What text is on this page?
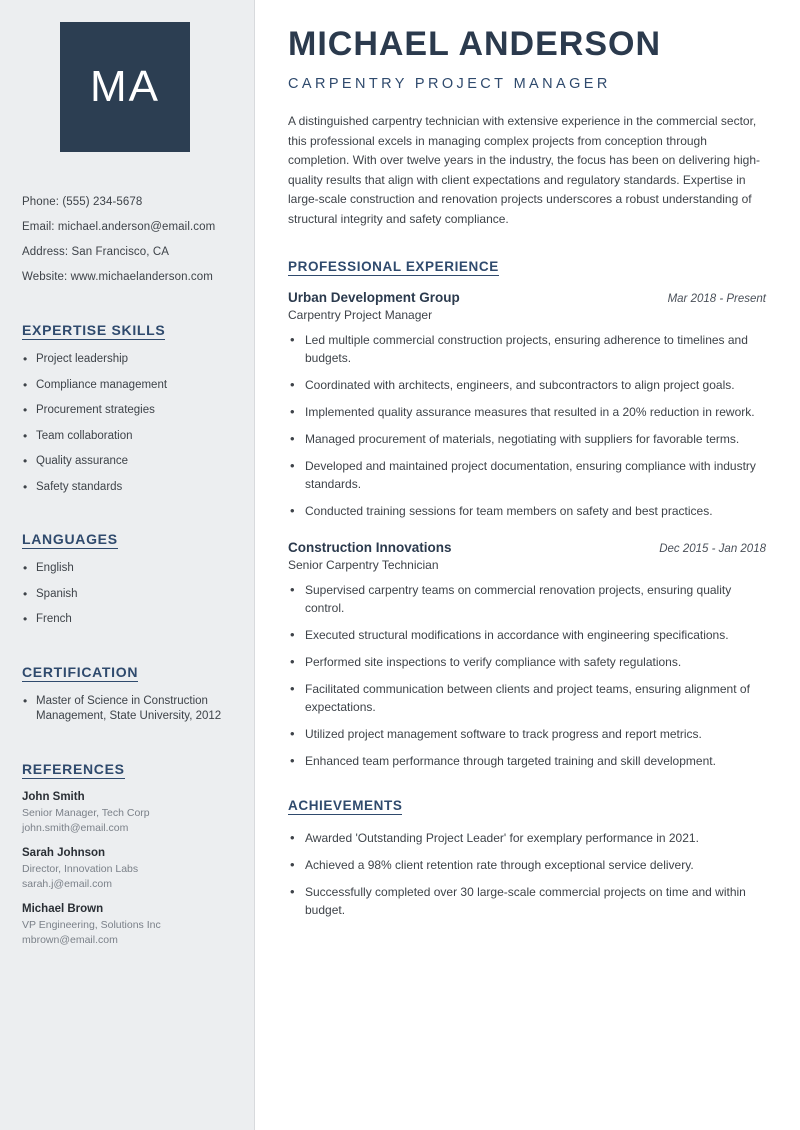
MA
Phone: (555) 234-5678
Email: michael.anderson@email.com
Address: San Francisco, CA
Website: www.michaelanderson.com
EXPERTISE SKILLS
• Project leadership
• Compliance management
• Procurement strategies
• Team collaboration
• Quality assurance
• Safety standards
LANGUAGES
• English
• Spanish
• French
CERTIFICATION
• Master of Science in Construction Management, State University, 2012
REFERENCES
John Smith
Senior Manager, Tech Corp
john.smith@email.com
Sarah Johnson
Director, Innovation Labs
sarah.j@email.com
Michael Brown
VP Engineering, Solutions Inc
mbrown@email.com
MICHAEL ANDERSON
CARPENTRY PROJECT MANAGER

A distinguished carpentry technician with extensive experience in the commercial sector, this professional excels in managing complex projects from conception through completion. With over twelve years in the industry, the focus has been on delivering high-quality results that align with client expectations and regulatory standards. Expertise in large-scale construction and renovation projects underscores a robust understanding of structural integrity and safety compliance.

PROFESSIONAL EXPERIENCE
Urban Development Group	Mar 2018 - Present
Carpentry Project Manager
• Led multiple commercial construction projects, ensuring adherence to timelines and budgets.
• Coordinated with architects, engineers, and subcontractors to align project goals.
• Implemented quality assurance measures that resulted in a 20% reduction in rework.
• Managed procurement of materials, negotiating with suppliers for favorable terms.
• Developed and maintained project documentation, ensuring compliance with industry standards.
• Conducted training sessions for team members on safety and best practices.
Construction Innovations	Dec 2015 - Jan 2018
Senior Carpentry Technician
• Supervised carpentry teams on commercial renovation projects, ensuring quality control.
• Executed structural modifications in accordance with engineering specifications.
• Performed site inspections to verify compliance with safety regulations.
• Facilitated communication between clients and project teams, ensuring alignment of expectations.
• Utilized project management software to track progress and report metrics.
• Enhanced team performance through targeted training and skill development.
ACHIEVEMENTS
• Awarded 'Outstanding Project Leader' for exemplary performance in 2021.
• Achieved a 98% client retention rate through exceptional service delivery.
• Successfully completed over 30 large-scale commercial projects on time and within budget.
